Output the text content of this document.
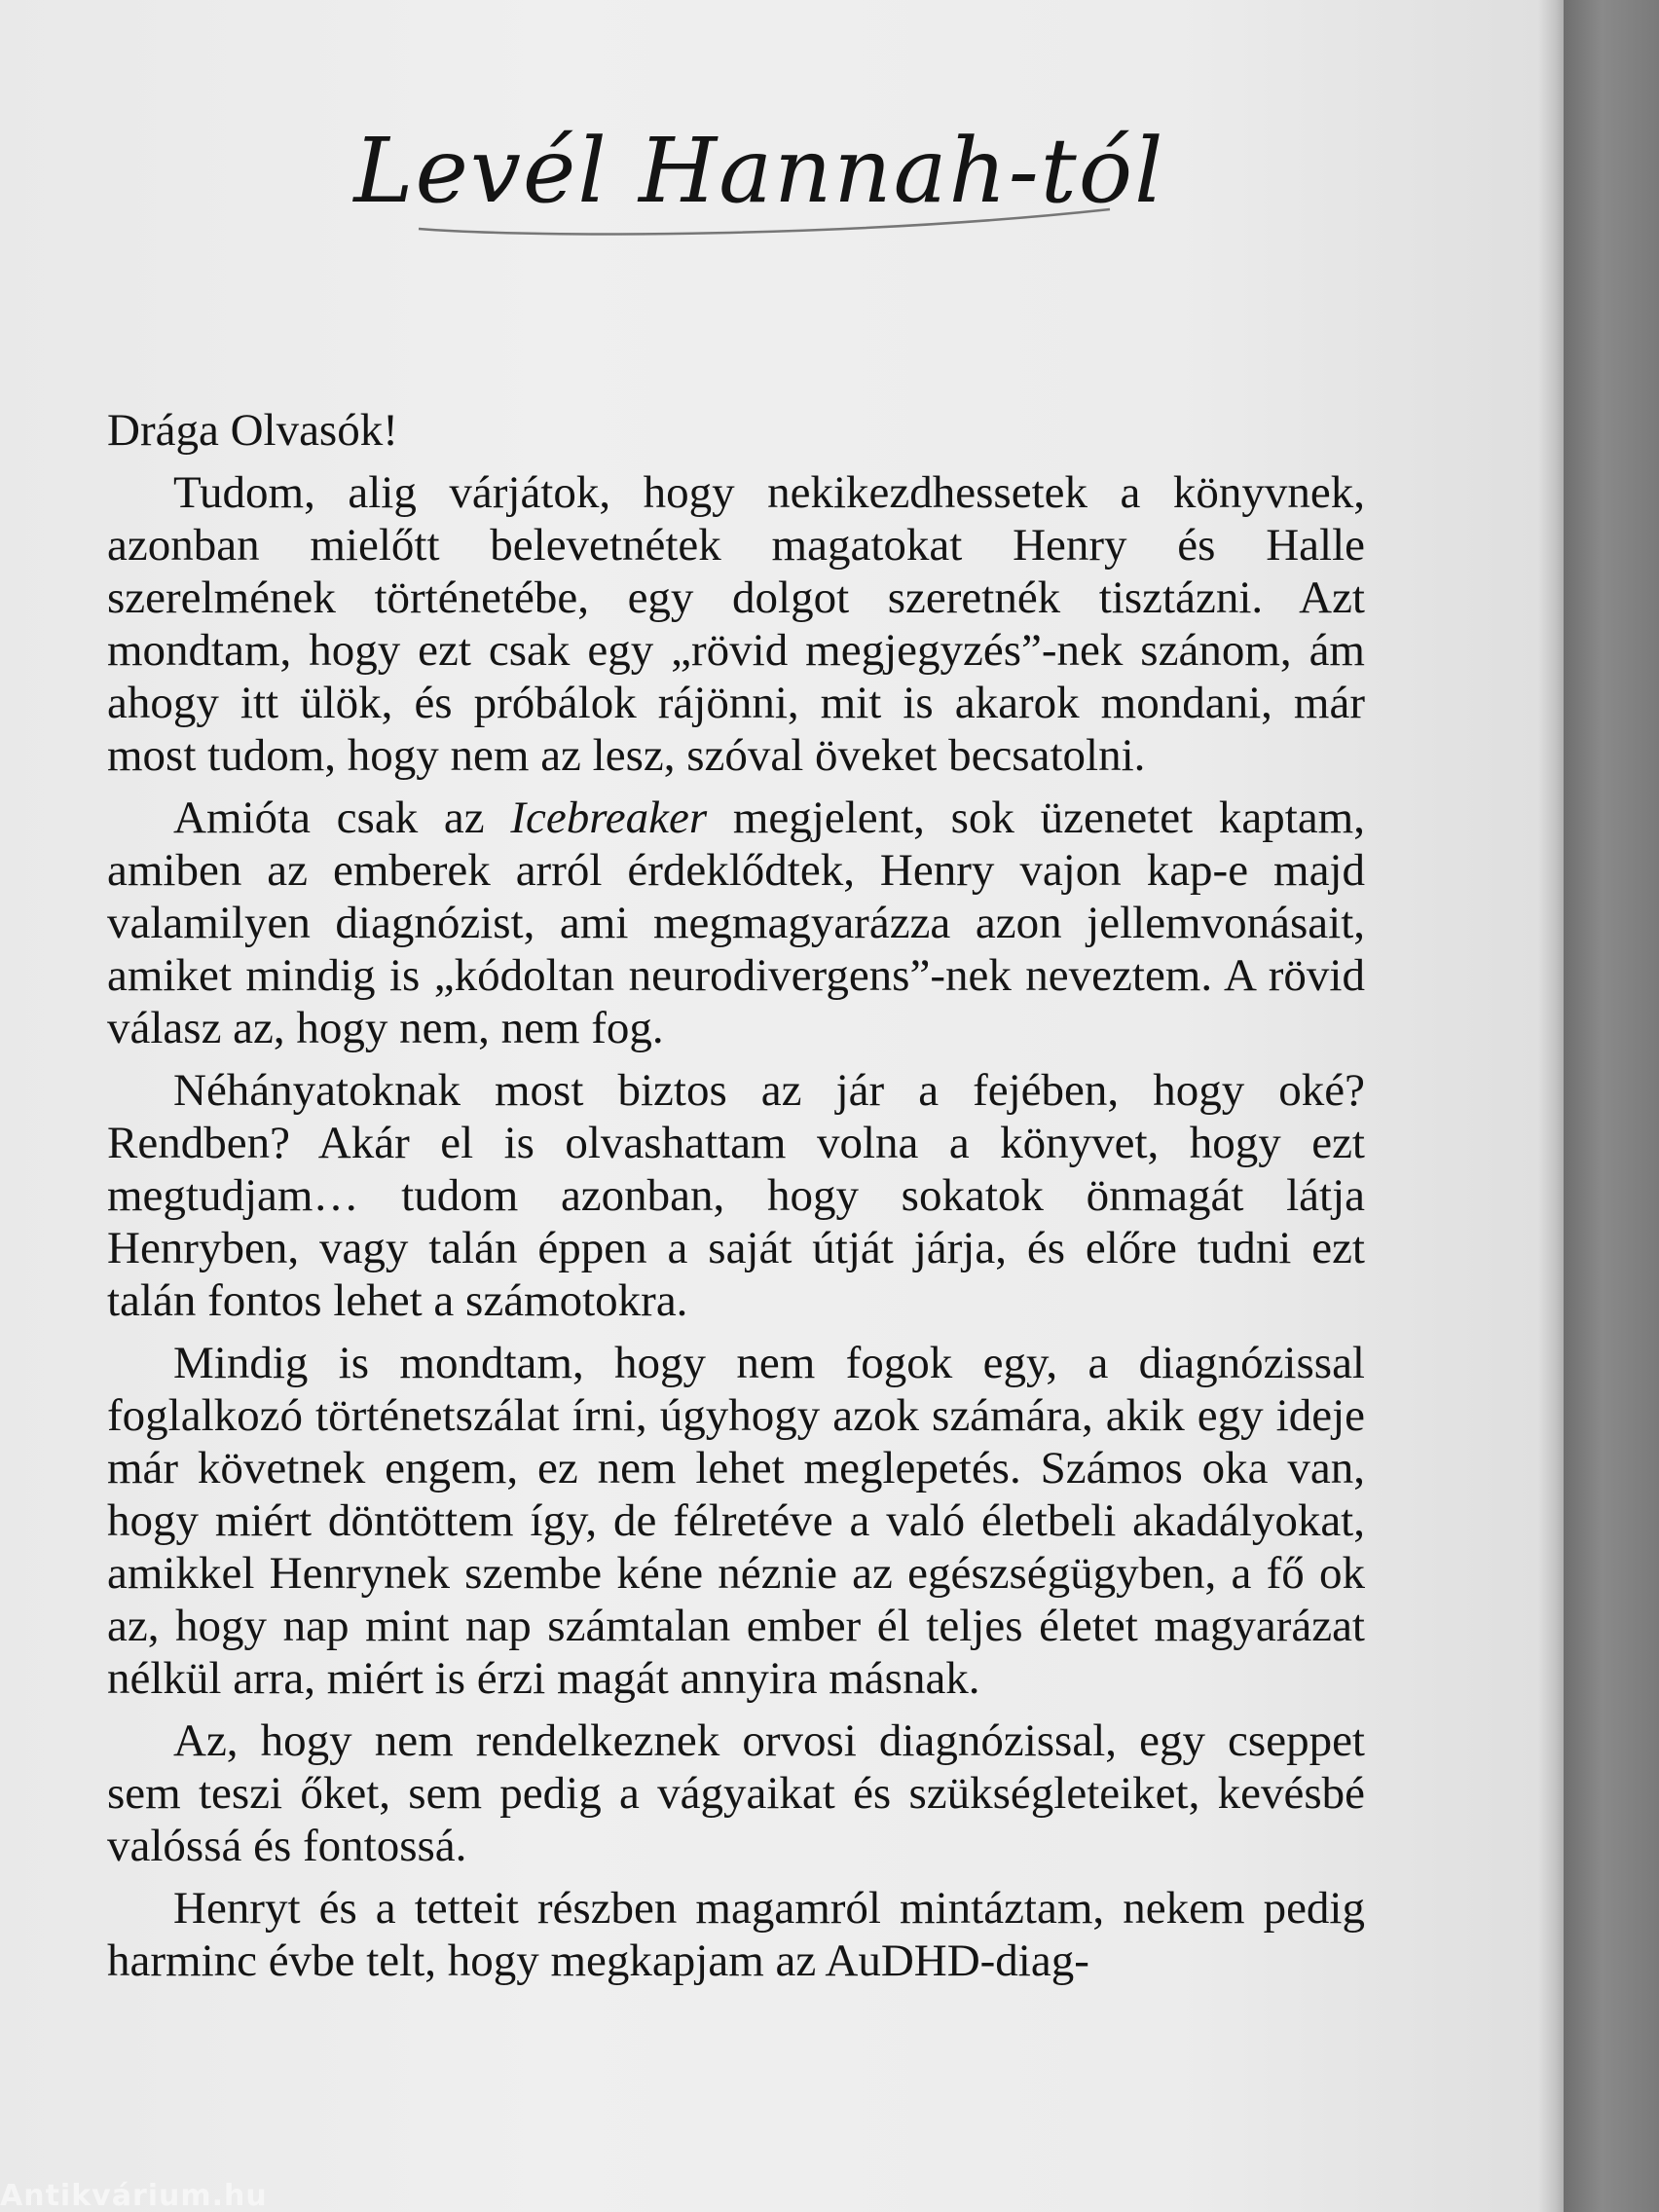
Levél Hannah-tól

Drága Olvasók!

Tudom, alig várjátok, hogy nekikezdhessetek a könyvnek, azonban mielőtt belevetnétek magatokat Henry és Halle szerelmének történetébe, egy dolgot szeretnék tisztázni. Azt mondtam, hogy ezt csak egy „rövid megjegyzés”-nek szánom, ám ahogy itt ülök, és próbálok rájönni, mit is akarok mondani, már most tudom, hogy nem az lesz, szóval öveket becsatolni.

Amióta csak az Icebreaker megjelent, sok üzenetet kaptam, amiben az emberek arról érdeklődtek, Henry vajon kap-e majd valamilyen diagnózist, ami megmagyarázza azon jellemvonásait, amiket mindig is „kódoltan neurodivergens”-nek neveztem. A rövid válasz az, hogy nem, nem fog.

Néhányatoknak most biztos az jár a fejében, hogy oké? Rendben? Akár el is olvashattam volna a könyvet, hogy ezt megtudjam… tudom azonban, hogy sokatok önmagát látja Henryben, vagy talán éppen a saját útját járja, és előre tudni ezt talán fontos lehet a számotokra.

Mindig is mondtam, hogy nem fogok egy, a diagnózissal foglalkozó történetszálat írni, úgyhogy azok számára, akik egy ideje már követnek engem, ez nem lehet meglepetés. Számos oka van, hogy miért döntöttem így, de félretéve a való életbeli akadályokat, amikkel Henrynek szembe kéne néznie az egészségügyben, a fő ok az, hogy nap mint nap számtalan ember él teljes életet magyarázat nélkül arra, miért is érzi magát annyira másnak.

Az, hogy nem rendelkeznek orvosi diagnózissal, egy cseppet sem teszi őket, sem pedig a vágyaikat és szükségleteiket, kevésbé valóssá és fontossá.

Henryt és a tetteit részben magamról mintáztam, nekem pedig harminc évbe telt, hogy megkapjam az AuDHD-diag-

Antikvárium.hu
